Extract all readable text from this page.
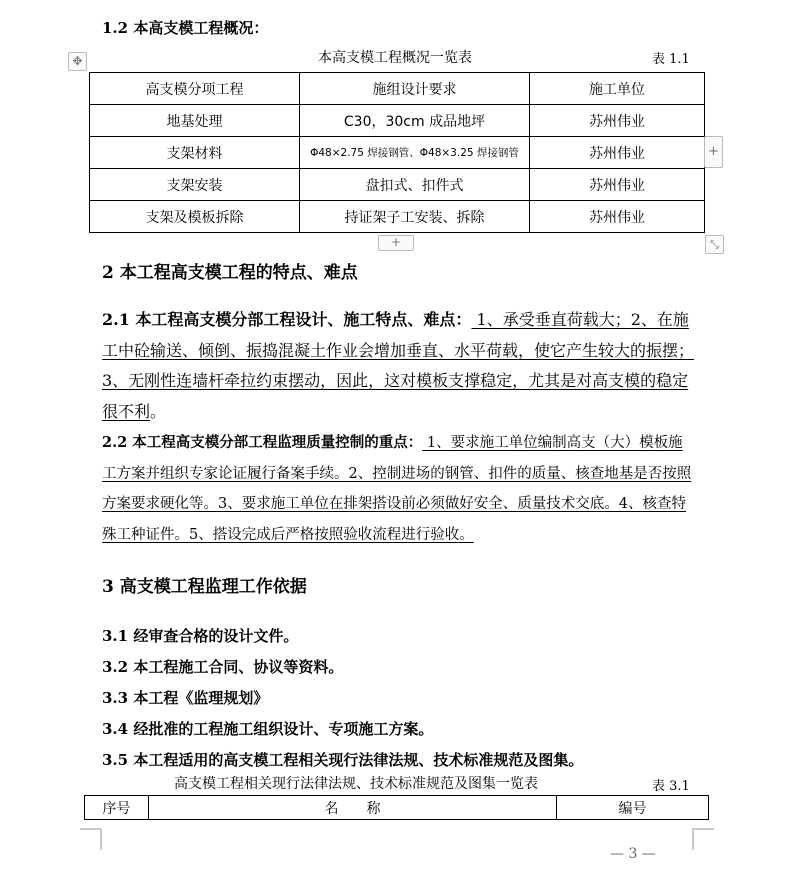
1.2 本高支模工程概况：
本高支模工程概况一览表	表 1.1
✥
高支模分项工程	施组设计要求	施工单位
地基处理	C30，30cm 成品地坪	苏州伟业
支架材料	Φ48×2.75 焊接钢管、Φ48×3.25 焊接钢管	苏州伟业
支架安装	盘扣式、扣件式	苏州伟业
支架及模板拆除	持证架子工安装、拆除	苏州伟业
+
+	⤡
2 本工程高支模工程的特点、难点
2.1 本工程高支模分部工程设计、施工特点、难点： 1、承受垂直荷载大；2、在施工中砼输送、倾倒、振捣混凝土作业会增加垂直、水平荷载，使它产生较大的振摆；3、无刚性连墙杆牵拉约束摆动，因此，这对模板支撑稳定，尤其是对高支模的稳定很不利。
2.2 本工程高支模分部工程监理质量控制的重点： 1、要求施工单位编制高支（大）模板施工方案并组织专家论证履行备案手续。2、控制进场的钢管、扣件的质量、核查地基是否按照方案要求硬化等。3、要求施工单位在排架搭设前必须做好安全、质量技术交底。4、核查特殊工种证件。5、搭设完成后严格按照验收流程进行验收。
3 高支模工程监理工作依据
3.1 经审查合格的设计文件。
3.2 本工程施工合同、协议等资料。
3.3 本工程《监理规划》
3.4 经批准的工程施工组织设计、专项施工方案。
3.5 本工程适用的高支模工程相关现行法律法规、技术标准规范及图集。
高支模工程相关现行法律法规、技术标准规范及图集一览表	表 3.1
序号	名　　称	编号
— 3 —
